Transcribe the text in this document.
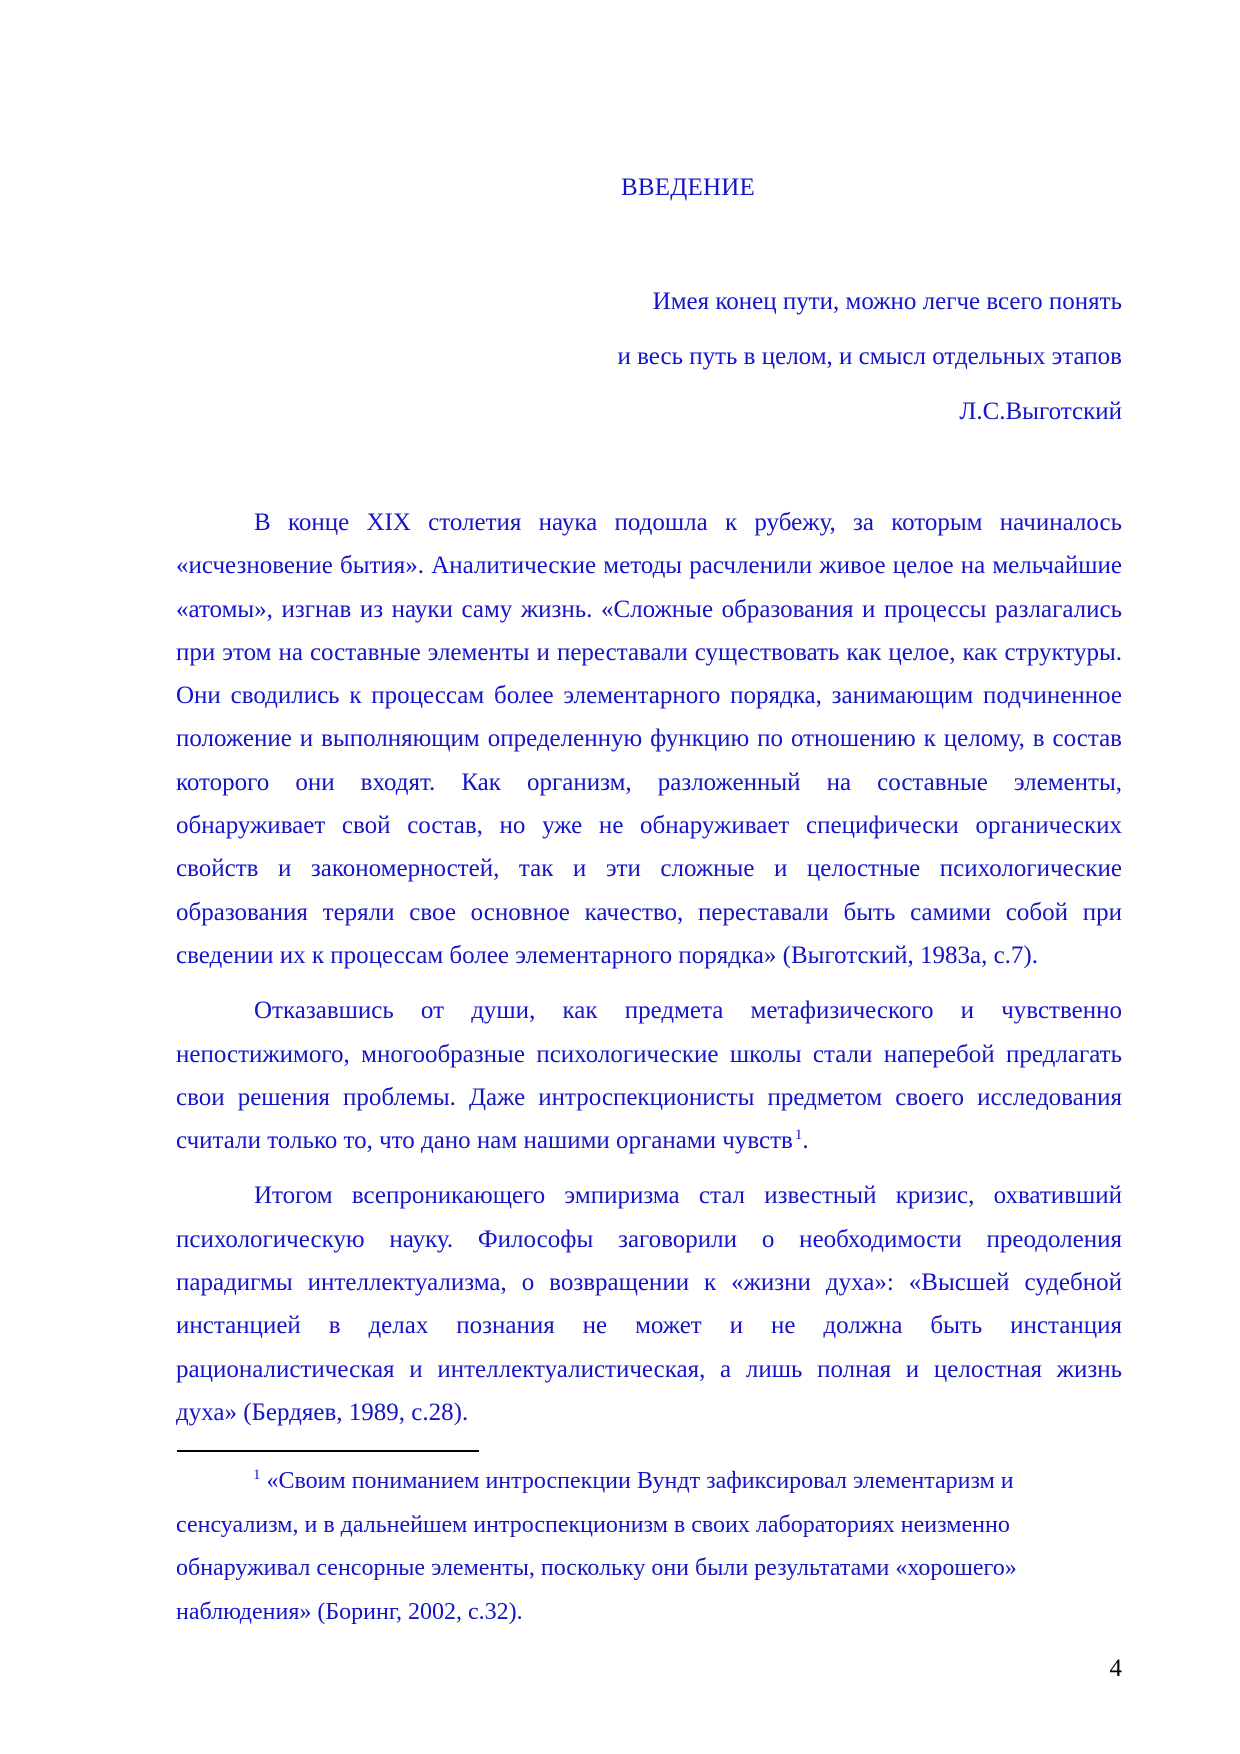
ВВЕДЕНИЕ
Имея конец пути, можно легче всего понять
и весь путь в целом, и смысл отдельных этапов
Л.С.Выготский
В конце XIX столетия наука подошла к рубежу, за которым начиналось
«исчезновение бытия». Аналитические методы расчленили живое целое на мельчайшие
«атомы», изгнав из науки саму жизнь. «Сложные образования и процессы разлагались
при этом на составные элементы и переставали существовать как целое, как структуры.
Они сводились к процессам более элементарного порядка, занимающим подчиненное
положение и выполняющим определенную функцию по отношению к целому, в состав
которого они входят. Как организм, разложенный на составные элементы,
обнаруживает свой состав, но уже не обнаруживает специфически органических
свойств и закономерностей, так и эти сложные и целостные психологические
образования теряли свое основное качество, переставали быть самими собой при
сведении их к процессам более элементарного порядка» (Выготский, 1983а, с.7).
Отказавшись от души, как предмета метафизического и чувственно
непостижимого, многообразные психологические школы стали наперебой предлагать
свои решения проблемы. Даже интроспекционисты предметом своего исследования
считали только то, что дано нам нашими органами чувств $^1$.
Итогом всепроникающего эмпиризма стал известный кризис, охвативший
психологическую науку. Философы заговорили о необходимости преодоления
парадигмы интеллектуализма, о возвращении к «жизни духа»: «Высшей судебной
инстанцией в делах познания не может и не должна быть инстанция
рационалистическая и интеллектуалистическая, а лишь полная и целостная жизнь
духа» (Бердяев, 1989, с.28).
$^1$ «Своим пониманием интроспекции Вундт зафиксировал элементаризм и
сенсуализм, и в дальнейшем интроспекционизм в своих лабораториях неизменно
обнаруживал сенсорные элементы, поскольку они были результатами «хорошего»
наблюдения» (Боринг, 2002, с.32).
4
